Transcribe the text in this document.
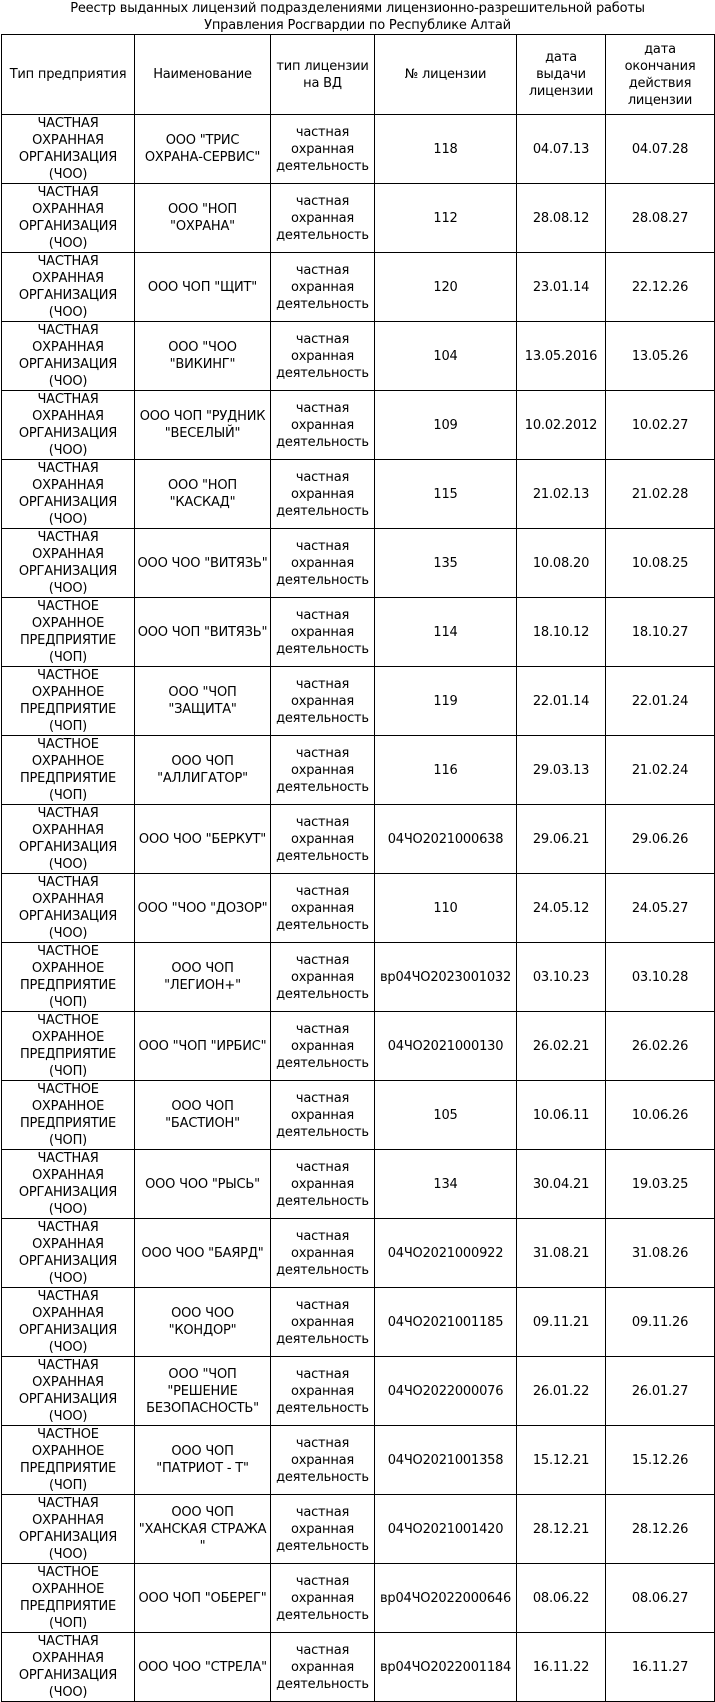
Реестр выданных лицензий подразделениями лицензионно-разрешительной работы
Управления Росгвардии по Республике Алтай
Тип предприятия	Наименование	тип лицензии на ВД	№ лицензии	дата выдачи лицензии	дата окончания действия лицензии
ЧАСТНАЯ ОХРАННАЯ ОРГАНИЗАЦИЯ (ЧОО)	ООО "ТРИС ОХРАНА-СЕРВИС"	частная охранная деятельность	118	04.07.13	04.07.28
ЧАСТНАЯ ОХРАННАЯ ОРГАНИЗАЦИЯ (ЧОО)	ООО "НОП "ОХРАНА"	частная охранная деятельность	112	28.08.12	28.08.27
ЧАСТНАЯ ОХРАННАЯ ОРГАНИЗАЦИЯ (ЧОО)	ООО ЧОП "ЩИТ"	частная охранная деятельность	120	23.01.14	22.12.26
ЧАСТНАЯ ОХРАННАЯ ОРГАНИЗАЦИЯ (ЧОО)	ООО "ЧОО "ВИКИНГ"	частная охранная деятельность	104	13.05.2016	13.05.26
ЧАСТНАЯ ОХРАННАЯ ОРГАНИЗАЦИЯ (ЧОО)	ООО ЧОП "РУДНИК "ВЕСЕЛЫЙ"	частная охранная деятельность	109	10.02.2012	10.02.27
ЧАСТНАЯ ОХРАННАЯ ОРГАНИЗАЦИЯ (ЧОО)	ООО "НОП "КАСКАД"	частная охранная деятельность	115	21.02.13	21.02.28
ЧАСТНАЯ ОХРАННАЯ ОРГАНИЗАЦИЯ (ЧОО)	ООО ЧОО "ВИТЯЗЬ"	частная охранная деятельность	135	10.08.20	10.08.25
ЧАСТНОЕ ОХРАННОЕ ПРЕДПРИЯТИЕ (ЧОП)	ООО ЧОП "ВИТЯЗЬ"	частная охранная деятельность	114	18.10.12	18.10.27
ЧАСТНОЕ ОХРАННОЕ ПРЕДПРИЯТИЕ (ЧОП)	ООО "ЧОП "ЗАЩИТА"	частная охранная деятельность	119	22.01.14	22.01.24
ЧАСТНОЕ ОХРАННОЕ ПРЕДПРИЯТИЕ (ЧОП)	ООО ЧОП "АЛЛИГАТОР"	частная охранная деятельность	116	29.03.13	21.02.24
ЧАСТНАЯ ОХРАННАЯ ОРГАНИЗАЦИЯ (ЧОО)	ООО ЧОО "БЕРКУТ"	частная охранная деятельность	04ЧО2021000638	29.06.21	29.06.26
ЧАСТНАЯ ОХРАННАЯ ОРГАНИЗАЦИЯ (ЧОО)	ООО "ЧОО "ДОЗОР"	частная охранная деятельность	110	24.05.12	24.05.27
ЧАСТНОЕ ОХРАННОЕ ПРЕДПРИЯТИЕ (ЧОП)	ООО ЧОП "ЛЕГИОН+"	частная охранная деятельность	вр04ЧО2023001032	03.10.23	03.10.28
ЧАСТНОЕ ОХРАННОЕ ПРЕДПРИЯТИЕ (ЧОП)	ООО "ЧОП "ИРБИС"	частная охранная деятельность	04ЧО2021000130	26.02.21	26.02.26
ЧАСТНОЕ ОХРАННОЕ ПРЕДПРИЯТИЕ (ЧОП)	ООО ЧОП "БАСТИОН"	частная охранная деятельность	105	10.06.11	10.06.26
ЧАСТНАЯ ОХРАННАЯ ОРГАНИЗАЦИЯ (ЧОО)	ООО ЧОО "РЫСЬ"	частная охранная деятельность	134	30.04.21	19.03.25
ЧАСТНАЯ ОХРАННАЯ ОРГАНИЗАЦИЯ (ЧОО)	ООО ЧОО "БАЯРД"	частная охранная деятельность	04ЧО2021000922	31.08.21	31.08.26
ЧАСТНАЯ ОХРАННАЯ ОРГАНИЗАЦИЯ (ЧОО)	ООО ЧОО "КОНДОР"	частная охранная деятельность	04ЧО2021001185	09.11.21	09.11.26
ЧАСТНАЯ ОХРАННАЯ ОРГАНИЗАЦИЯ (ЧОО)	ООО "ЧОП "РЕШЕНИЕ БЕЗОПАСНОСТЬ"	частная охранная деятельность	04ЧО2022000076	26.01.22	26.01.27
ЧАСТНОЕ ОХРАННОЕ ПРЕДПРИЯТИЕ (ЧОП)	ООО ЧОП "ПАТРИОТ - Т"	частная охранная деятельность	04ЧО2021001358	15.12.21	15.12.26
ЧАСТНАЯ ОХРАННАЯ ОРГАНИЗАЦИЯ (ЧОО)	ООО ЧОП "ХАНСКАЯ СТРАЖА "	частная охранная деятельность	04ЧО2021001420	28.12.21	28.12.26
ЧАСТНОЕ ОХРАННОЕ ПРЕДПРИЯТИЕ (ЧОП)	ООО ЧОП "ОБЕРЕГ"	частная охранная деятельность	вр04ЧО2022000646	08.06.22	08.06.27
ЧАСТНАЯ ОХРАННАЯ ОРГАНИЗАЦИЯ (ЧОО)	ООО ЧОО "СТРЕЛА"	частная охранная деятельность	вр04ЧО2022001184	16.11.22	16.11.27
